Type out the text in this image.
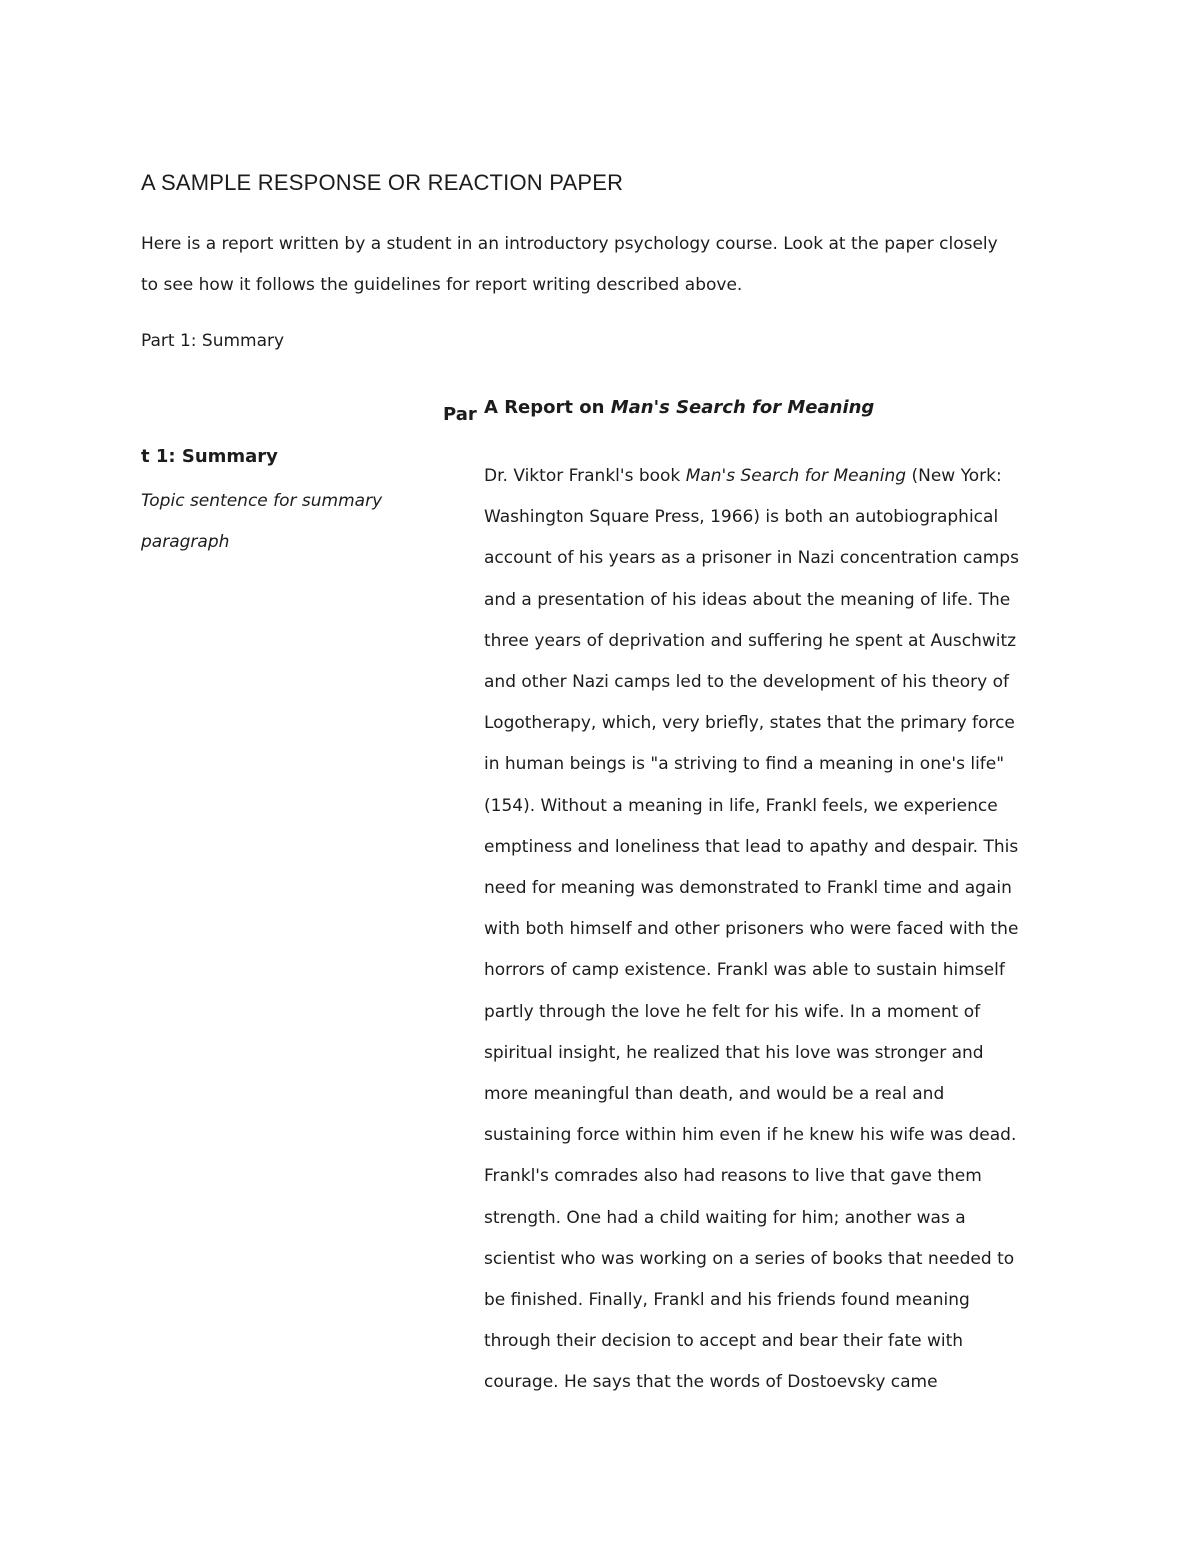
A SAMPLE RESPONSE OR REACTION PAPER

Here is a report written by a student in an introductory psychology course. Look at the paper closely
to see how it follows the guidelines for report writing described above.

Part 1: Summary

Par
t 1: Summary
Topic sentence for summary
paragraph
A Report on Man's Search for Meaning
Dr. Viktor Frankl's book Man's Search for Meaning (New York:
Washington Square Press, 1966) is both an autobiographical
account of his years as a prisoner in Nazi concentration camps
and a presentation of his ideas about the meaning of life. The
three years of deprivation and suffering he spent at Auschwitz
and other Nazi camps led to the development of his theory of
Logotherapy, which, very briefly, states that the primary force
in human beings is "a striving to find a meaning in one's life"
(154). Without a meaning in life, Frankl feels, we experience
emptiness and loneliness that lead to apathy and despair. This
need for meaning was demonstrated to Frankl time and again
with both himself and other prisoners who were faced with the
horrors of camp existence. Frankl was able to sustain himself
partly through the love he felt for his wife. In a moment of
spiritual insight, he realized that his love was stronger and
more meaningful than death, and would be a real and
sustaining force within him even if he knew his wife was dead.
Frankl's comrades also had reasons to live that gave them
strength. One had a child waiting for him; another was a
scientist who was working on a series of books that needed to
be finished. Finally, Frankl and his friends found meaning
through their decision to accept and bear their fate with
courage. He says that the words of Dostoevsky came
